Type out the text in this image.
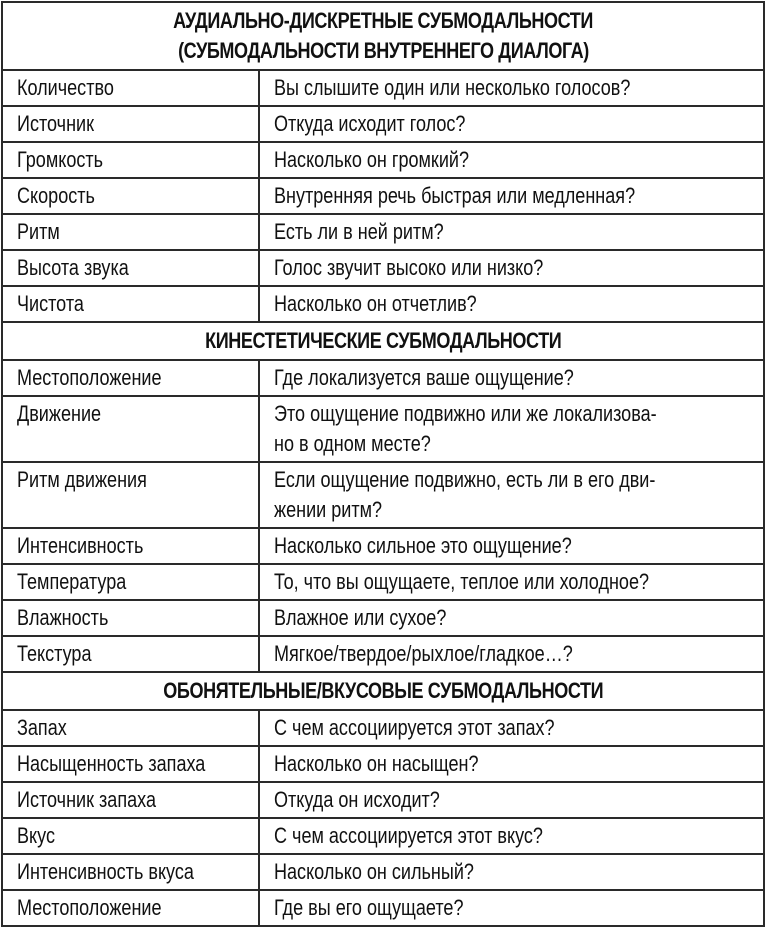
АУДИАЛЬНО-ДИСКРЕТНЫЕ СУБМОДАЛЬНОСТИ
(СУБМОДАЛЬНОСТИ ВНУТРЕННЕГО ДИАЛОГА)	
Количество	Вы слышите один или несколько голосов?
Источник	Откуда исходит голос?
Громкость	Насколько он громкий?
Скорость	Внутренняя речь быстрая или медленная?
Ритм	Есть ли в ней ритм?
Высота звука	Голос звучит высоко или низко?
Чистота	Насколько он отчетлив?
КИНЕСТЕТИЧЕСКИЕ СУБМОДАЛЬНОСТИ	
Местоположение	Где локализуется ваше ощущение?
Движение	Это ощущение подвижно или же локализова-
но в одном месте?
Ритм движения	Если ощущение подвижно, есть ли в его дви-
жении ритм?
Интенсивность	Насколько сильное это ощущение?
Температура	То, что вы ощущаете, теплое или холодное?
Влажность	Влажное или сухое?
Текстура	Мягкое/твердое/рыхлое/гладкое…?
ОБОНЯТЕЛЬНЫЕ/ВКУСОВЫЕ СУБМОДАЛЬНОСТИ	
Запах	С чем ассоциируется этот запах?
Насыщенность запаха	Насколько он насыщен?
Источник запаха	Откуда он исходит?
Вкус	С чем ассоциируется этот вкус?
Интенсивность вкуса	Насколько он сильный?
Местоположение	Где вы его ощущаете?
